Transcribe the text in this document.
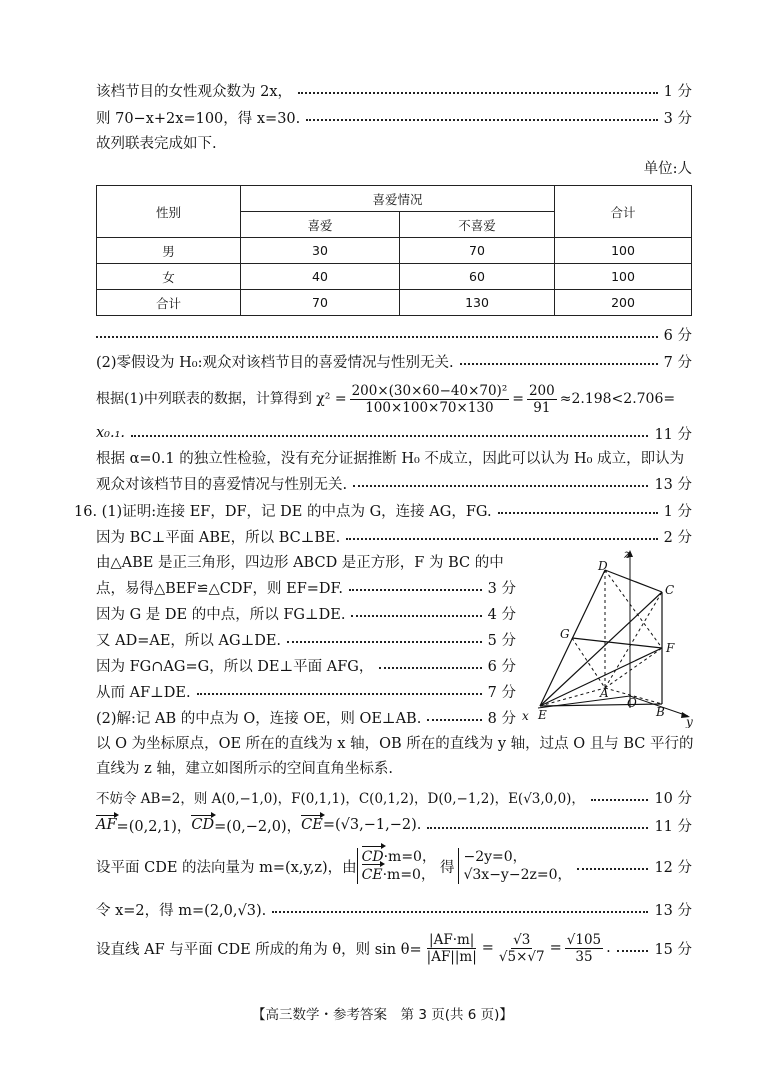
该档节目的女性观众数为 2x，	1 分
则 70−x+2x=100，得 x=30.	3 分
故列联表完成如下.
单位:人
性别	喜爱情况		合计
	喜爱	不喜爱	
男	30	70	100
女	40	60	100
合计	70	130	200
6 分
(2)零假设为 H₀:观众对该档节目的喜爱情况与性别无关.	7 分
根据(1)中列联表的数据，计算得到 $\chi^2 = \frac{\text{200×(30×60−40×70)²}}{100\times 100\times 70\times 130} = \frac{200}{91} \approx 2.198<2.706=$
x₀.₁.	11 分
根据 α=0.1 的独立性检验，没有充分证据推断 H₀ 不成立，因此可以认为 H₀ 成立，即认为
观众对该档节目的喜爱情况与性别无关.	13 分
16. (1)证明:连接 EF，DF，记 DE 的中点为 G，连接 AG，FG.	1 分
因为 BC⊥平面 ABE，所以 BC⊥BE.	2 分
由△ABE 是正三角形，四边形 ABCD 是正方形，F 为 BC 的中
点，易得△BEF≌△CDF，则 EF=DF.	3 分
因为 G 是 DE 的中点，所以 FG⊥DE.	4 分
又 AD=AE，所以 AG⊥DE.	5 分
因为 FG∩AG=G，所以 DE⊥平面 AFG，	6 分
从而 AF⊥DE.	7 分
(2)解:记 AB 的中点为 O，连接 OE，则 OE⊥AB.	8 分
以 O 为坐标原点，OE 所在的直线为 x 轴，OB 所在的直线为 y 轴，过点 O 且与 BC 平行的
直线为 z 轴，建立如图所示的空间直角坐标系.
不妨令 AB=2，则 A(0,−1,0)，F(0,1,1)，C(0,1,2)，D(0,−1,2)，E(√3,0,0)，	10 分
AF =(0,2,1)， CD =(0,−2,0)， CE =(√3,−1,−2).	11 分
设平面 CDE 的法向量为 m=(x,y,z)，由
CD·m=0，
CE·m=0， 得
−2y=0，
√3x−y−2z=0，	12 分
令 x=2，得 m=(2,0,√3).	13 分
设直线 AF 与平面 CDE 所成的角为 θ，则 $\sin \theta= \frac{|AF\cdot m|}{|AF||m|} = \frac{√3}{√5\times√7} = \frac{√105}{35}$ .	15 分
z
D
C
G
F
A
O
E	B
x	y
【高三数学・参考答案　第 3 页(共 6 页)】
